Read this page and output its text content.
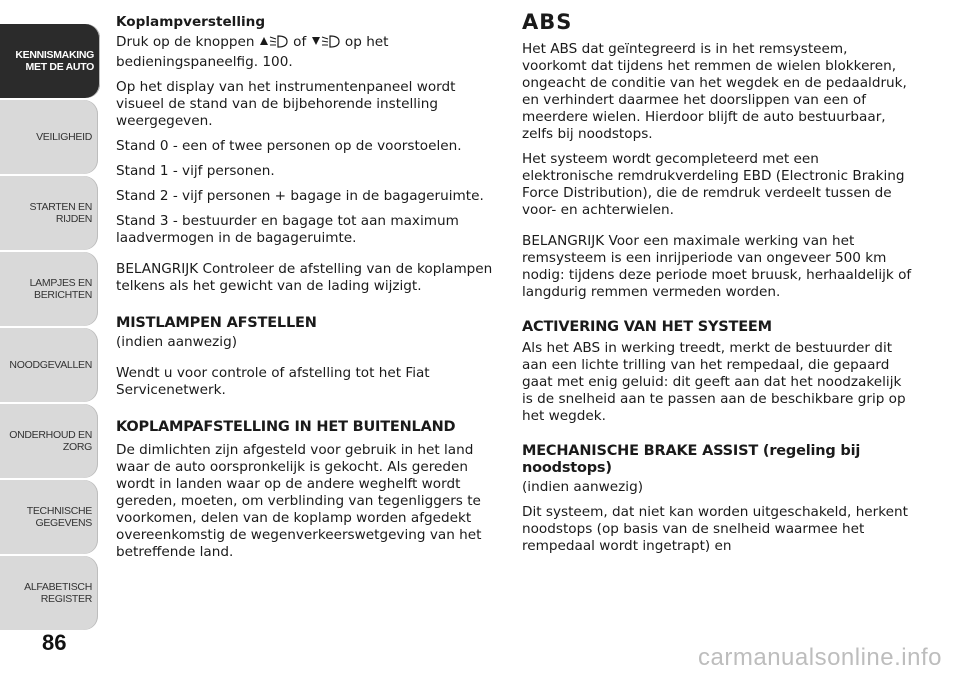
KENNISMAKING MET DE AUTO
VEILIGHEID
STARTEN EN RIJDEN
LAMPJES EN BERICHTEN
NOODGEVALLEN
ONDERHOUD EN ZORG
TECHNISCHE GEGEVENS
ALFABETISCH REGISTER
86

Koplampverstelling

Druk op de knoppen	of	op het bedieningspaneelfig. 100.

Op het display van het instrumentenpaneel wordt visueel de stand van de bijbehorende instelling weergegeven.

Stand 0 - een of twee personen op de voorstoelen.

Stand 1 - vijf personen.

Stand 2 - vijf personen + bagage in de bagageruimte.

Stand 3 - bestuurder en bagage tot aan maximum laadvermogen in de bagageruimte.

BELANGRIJK Controleer de afstelling van de koplampen telkens als het gewicht van de lading wijzigt.

MISTLAMPEN AFSTELLEN

(indien aanwezig)

Wendt u voor controle of afstelling tot het Fiat Servicenetwerk.

KOPLAMPAFSTELLING IN HET BUITENLAND

De dimlichten zijn afgesteld voor gebruik in het land waar de auto oorspronkelijk is gekocht. Als gereden wordt in landen waar op de andere weghelft wordt gereden, moeten, om verblinding van tegenliggers te voorkomen, delen van de koplamp worden afgedekt overeenkomstig de wegenverkeerswetgeving van het betreffende land.

ABS

Het ABS dat geïntegreerd is in het remsysteem, voorkomt dat tijdens het remmen de wielen blokkeren, ongeacht de conditie van het wegdek en de pedaaldruk, en verhindert daarmee het doorslippen van een of meerdere wielen. Hierdoor blijft de auto bestuurbaar, zelfs bij noodstops.

Het systeem wordt gecompleteerd met een elektronische remdrukverdeling EBD (Electronic Braking Force Distribution), die de remdruk verdeelt tussen de voor- en achterwielen.

BELANGRIJK Voor een maximale werking van het remsysteem is een inrijperiode van ongeveer 500 km nodig: tijdens deze periode moet bruusk, herhaaldelijk of langdurig remmen vermeden worden.

ACTIVERING VAN HET SYSTEEM

Als het ABS in werking treedt, merkt de bestuurder dit aan een lichte trilling van het rempedaal, die gepaard gaat met enig geluid: dit geeft aan dat het noodzakelijk is de snelheid aan te passen aan de beschikbare grip op het wegdek.

MECHANISCHE BRAKE ASSIST (regeling bij noodstops)

(indien aanwezig)

Dit systeem, dat niet kan worden uitgeschakeld, herkent noodstops (op basis van de snelheid waarmee het rempedaal wordt ingetrapt) en

carmanualsonline.info
